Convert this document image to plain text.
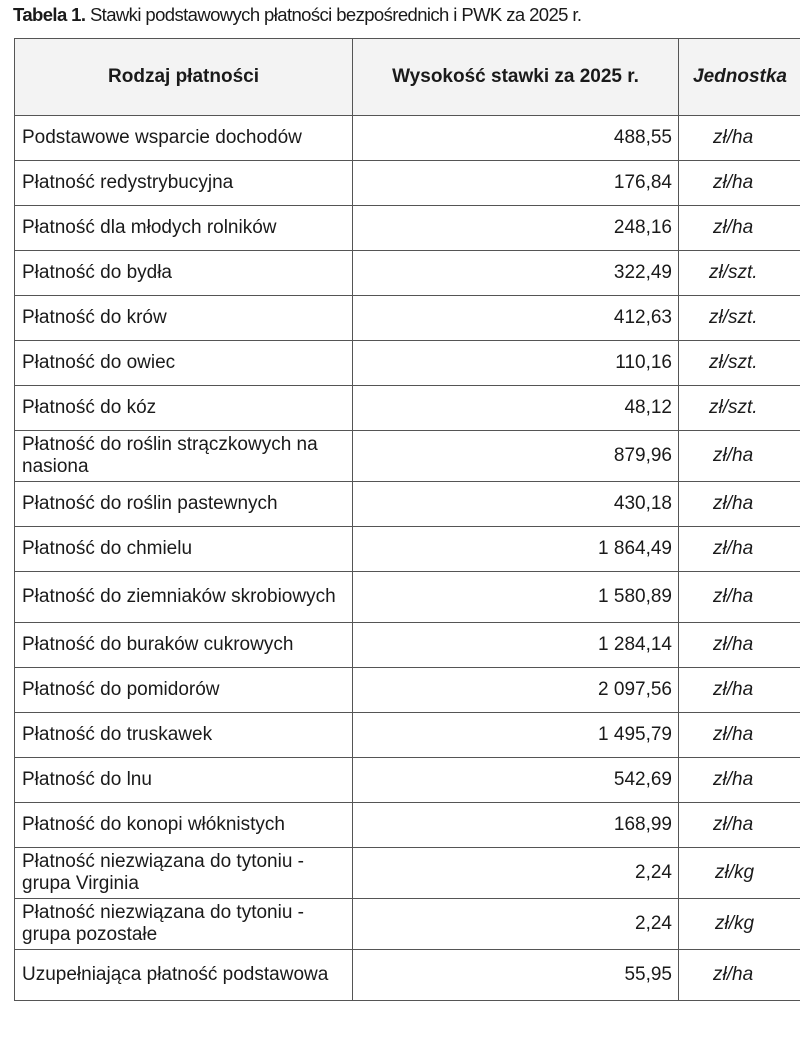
Tabela 1. Stawki podstawowych płatności bezpośrednich i PWK za 2025 r.
Rodzaj płatności	Wysokość stawki za 2025 r.	Jednostka
Podstawowe wsparcie dochodów	488,55	zł/ha
Płatność redystrybucyjna	176,84	zł/ha
Płatność dla młodych rolników	248,16	zł/ha
Płatność do bydła	322,49	zł/szt.
Płatność do krów	412,63	zł/szt.
Płatność do owiec	110,16	zł/szt.
Płatność do kóz	48,12	zł/szt.
Płatność do roślin strączkowych na nasiona	879,96	zł/ha
Płatność do roślin pastewnych	430,18	zł/ha
Płatność do chmielu	1 864,49	zł/ha
Płatność do ziemniaków skrobiowych	1 580,89	zł/ha
Płatność do buraków cukrowych	1 284,14	zł/ha
Płatność do pomidorów	2 097,56	zł/ha
Płatność do truskawek	1 495,79	zł/ha
Płatność do lnu	542,69	zł/ha
Płatność do konopi włóknistych	168,99	zł/ha
Płatność niezwiązana do tytoniu - grupa Virginia	2,24	zł/kg
Płatność niezwiązana do tytoniu - grupa pozostałe	2,24	zł/kg
Uzupełniająca płatność podstawowa	55,95	zł/ha
